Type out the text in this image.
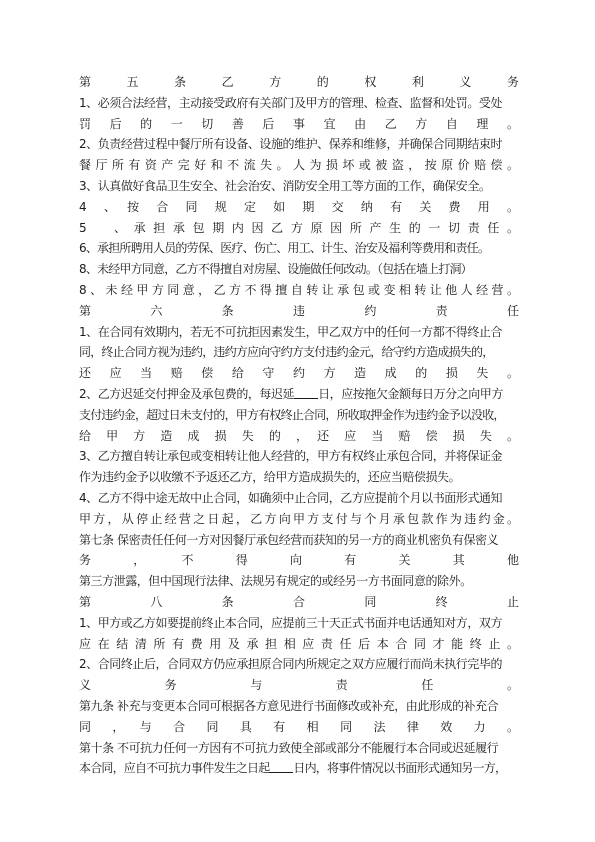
第　五　条　乙　方　的　权　利　义　务
1、必须合法经营，主动接受政府有关部门及甲方的管理、检查、监督和处罚。受处
罚　后　的　一　切　善　后　事　宜　由　乙　方　自　理　。
2、负责经营过程中餐厅所有设备、设施的维护、保养和维修，并确保合同期结束时
餐厅所有资产完好和不流失。人为损坏或被盗，按原价赔偿。
3、认真做好食品卫生安全、社会治安、消防安全用工等方面的工作，确保安全。
4　、　按　合　同　规　定　如　期　交　纳　有　关　费　用　。
5　、承担承包期内因乙方原因所产生的一切责任。
6、承担所聘用人员的劳保、医疗、伤亡、用工、计生、治安及福利等费用和责任。
8、未经甲方同意，乙方不得擅自对房屋、设施做任何改动。（包括在墙上打洞）
8、未经甲方同意，乙方不得擅自转让承包或变相转让他人经营。
第　六　条　违　约　责　任
1、在合同有效期内，若无不可抗拒因素发生，甲乙双方中的任何一方都不得终止合
同，终止合同方视为违约，违约方应向守约方支付违约金元，给守约方造成损失的，
还　应　当　赔　偿　给　守　约　方　造　成　的　损　失　。
2、乙方迟延交付押金及承包费的，每迟延 日，应按拖欠金额每日万分之向甲方
支付违约金，超过日未支付的，甲方有权终止合同，所收取押金作为违约金予以没收，
给　甲　方　造　成　损　失　的　，　还　应　当　赔　偿　损　失　。
3、乙方擅自转让承包或变相转让他人经营的，甲方有权终止承包合同，并将保证金
作为违约金予以收缴不予返还乙方，给甲方造成损失的，还应当赔偿损失。
4、乙方不得中途无故中止合同，如确须中止合同，乙方应提前个月以书面形式通知
甲方，从停止经营之日起，乙方向甲方支付与个月承包款作为违约金。
第七条 保密责任任何一方对因餐厅承包经营而获知的另一方的商业机密负有保密义
务　，　不　得　向　有　关　其　他
第三方泄露，但中国现行法律、法规另有规定的或经另一方书面同意的除外。
第　八　条　合　同　终　止
1、甲方或乙方如要提前终止本合同，应提前三十天正式书面并电话通知对方，双方
应在结清所有费用及承担相应责任后本合同才能终止。
2、合同终止后，合同双方仍应承担原合同内所规定之双方应履行而尚未执行完毕的
义　务　与　责　任　。
第九条 补充与变更本合同可根据各方意见进行书面修改或补充，由此形成的补充合
同　，　与　合　同　具　有　相　同　法　律　效　力　。
第十条 不可抗力任何一方因有不可抗力致使全部或部分不能履行本合同或迟延履行
本合同，应自不可抗力事件发生之日起 日内，将事件情况以书面形式通知另一方，
